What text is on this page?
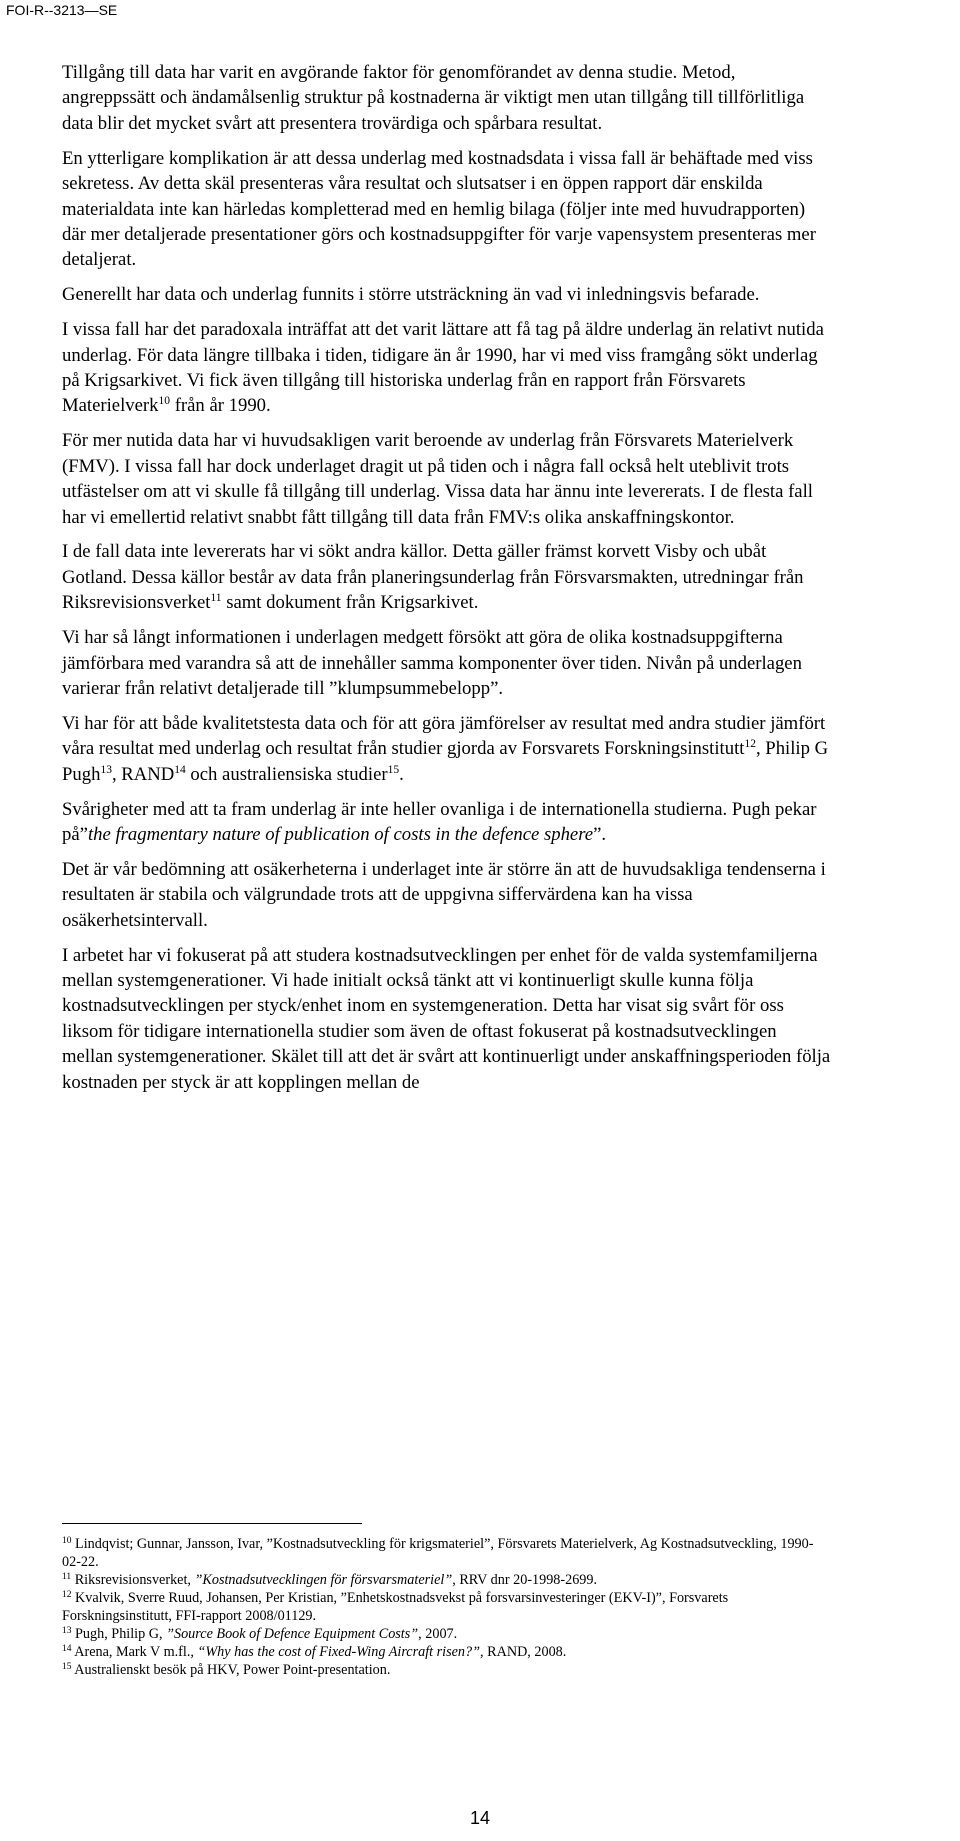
FOI-R--3213—SE

Tillgång till data har varit en avgörande faktor för genomförandet av denna studie. Metod, angreppssätt och ändamålsenlig struktur på kostnaderna är viktigt men utan tillgång till tillförlitliga data blir det mycket svårt att presentera trovärdiga och spårbara resultat.

En ytterligare komplikation är att dessa underlag med kostnadsdata i vissa fall är behäftade med viss sekretess. Av detta skäl presenteras våra resultat och slutsatser i en öppen rapport där enskilda materialdata inte kan härledas kompletterad med en hemlig bilaga (följer inte med huvudrapporten) där mer detaljerade presentationer görs och kostnadsuppgifter för varje vapensystem presenteras mer detaljerat.

Generellt har data och underlag funnits i större utsträckning än vad vi inledningsvis befarade.

I vissa fall har det paradoxala inträffat att det varit lättare att få tag på äldre underlag än relativt nutida underlag. För data längre tillbaka i tiden, tidigare än år 1990, har vi med viss framgång sökt underlag på Krigsarkivet. Vi fick även tillgång till historiska underlag från en rapport från Försvarets Materielverk$^{10}$ från år 1990.

För mer nutida data har vi huvudsakligen varit beroende av underlag från Försvarets Materielverk (FMV). I vissa fall har dock underlaget dragit ut på tiden och i några fall också helt uteblivit trots utfästelser om att vi skulle få tillgång till underlag. Vissa data har ännu inte levererats. I de flesta fall har vi emellertid relativt snabbt fått tillgång till data från FMV:s olika anskaffningskontor.

I de fall data inte levererats har vi sökt andra källor. Detta gäller främst korvett Visby och ubåt Gotland. Dessa källor består av data från planeringsunderlag från Försvarsmakten, utredningar från Riksrevisionsverket$^{11}$ samt dokument från Krigsarkivet.

Vi har så långt informationen i underlagen medgett försökt att göra de olika kostnadsuppgifterna jämförbara med varandra så att de innehåller samma komponenter över tiden. Nivån på underlagen varierar från relativt detaljerade till ”klumpsummebelopp”.

Vi har för att både kvalitetstesta data och för att göra jämförelser av resultat med andra studier jämfört våra resultat med underlag och resultat från studier gjorda av Forsvarets Forskningsinstitutt$^{12}$, Philip G Pugh$^{13}$, RAND$^{14}$ och australiensiska studier$^{15}$.

Svårigheter med att ta fram underlag är inte heller ovanliga i de internationella studierna. Pugh pekar på”the fragmentary nature of publication of costs in the defence sphere”.

Det är vår bedömning att osäkerheterna i underlaget inte är större än att de huvudsakliga tendenserna i resultaten är stabila och välgrundade trots att de uppgivna siffervärdena kan ha vissa osäkerhetsintervall.

I arbetet har vi fokuserat på att studera kostnadsutvecklingen per enhet för de valda systemfamiljerna mellan systemgenerationer. Vi hade initialt också tänkt att vi kontinuerligt skulle kunna följa kostnadsutvecklingen per styck/enhet inom en systemgeneration. Detta har visat sig svårt för oss liksom för tidigare internationella studier som även de oftast fokuserat på kostnadsutvecklingen mellan systemgenerationer. Skälet till att det är svårt att kontinuerligt under anskaffningsperioden följa kostnaden per styck är att kopplingen mellan de

$^{10}$ Lindqvist; Gunnar, Jansson, Ivar, ”Kostnadsutveckling för krigsmateriel”, Försvarets Materielverk, Ag Kostnadsutveckling, 1990-02-22.

$^{11}$ Riksrevisionsverket, ”Kostnadsutvecklingen för försvarsmateriel”, RRV dnr 20-1998-2699.

$^{12}$ Kvalvik, Sverre Ruud, Johansen, Per Kristian, ”Enhetskostnadsvekst på forsvarsinvesteringer (EKV-I)”, Forsvarets Forskningsinstitutt, FFI-rapport 2008/01129.

$^{13}$ Pugh, Philip G, ”Source Book of Defence Equipment Costs”, 2007.

$^{14}$ Arena, Mark V m.fl., “Why has the cost of Fixed-Wing Aircraft risen?”, RAND, 2008.

$^{15}$ Australienskt besök på HKV, Power Point-presentation.

14
